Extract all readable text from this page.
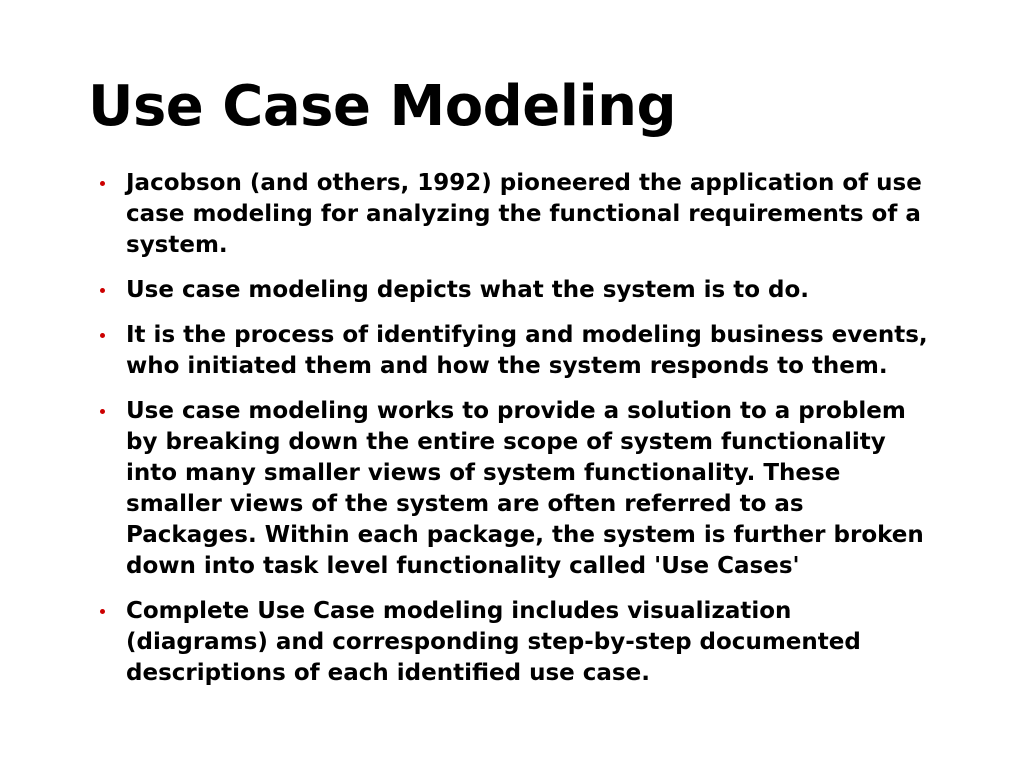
Use Case Modeling
Jacobson (and others, 1992) pioneered the application of use case modeling for analyzing the functional requirements of a system.
Use case modeling depicts what the system is to do.
It is the process of identifying and modeling business events, who initiated them and how the system responds to them.
Use case modeling works to provide a solution to a problem by breaking down the entire scope of system functionality into many smaller views of system functionality. These smaller views of the system are often referred to as Packages. Within each package, the system is further broken down into task level functionality called 'Use Cases'
Complete Use Case modeling includes visualization (diagrams) and corresponding step-by-step documented descriptions of each identified use case.
